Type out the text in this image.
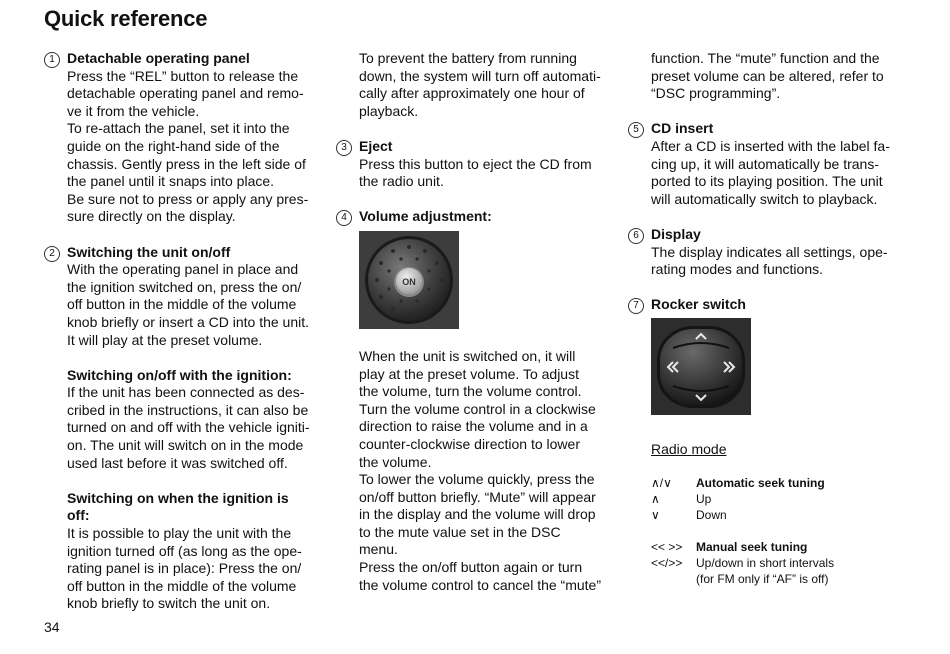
Quick reference
1 Detachable operating panel

Press the “REL” button to release the

detachable operating panel and remo-

ve it from the vehicle.

To re-attach the panel, set it into the

guide on the right-hand side of the

chassis. Gently press in the left side of

the panel until it snaps into place.

Be sure not to press or apply any pres-

sure directly on the display.

2 Switching the unit on/off

With the operating panel in place and

the ignition switched on, press the on/

off button in the middle of the volume

knob briefly or insert a CD into the unit.

It will play at the preset volume.

Switching on/off with the ignition:

If the unit has been connected as des-

cribed in the instructions, it can also be

turned on and off with the vehicle igniti-

on. The unit will switch on in the mode

used last before it was switched off.

Switching on when the ignition is
off:

It is possible to play the unit with the

ignition turned off (as long as the ope-

rating panel is in place): Press the on/

off button in the middle of the volume

knob briefly to switch the unit on.

To prevent the battery from running

down, the system will turn off automati-

cally after approximately one hour of

playback.

3 Eject

Press this button to eject the CD from

the radio unit.

4 Volume adjustment:
ON

When the unit is switched on, it will

play at the preset volume. To adjust

the volume, turn the volume control.

Turn the volume control in a clockwise

direction to raise the volume and in a

counter-clockwise direction to lower

the volume.

To lower the volume quickly, press the

on/off button briefly. “Mute” will appear

in the display and the volume will drop

to the mute value set in the DSC

menu.

Press the on/off button again or turn

the volume control to cancel the “mute”

function. The “mute” function and the

preset volume can be altered, refer to

“DSC programming”.

5 CD insert

After a CD is inserted with the label fa-

cing up, it will automatically be trans-

ported to its playing position. The unit

will automatically switch to playback.

6 Display

The display indicates all settings, ope-

rating modes and functions.

7 Rocker switch
Radio mode
∧/∨	Automatic seek tuning
∧	Up
∨	Down
<< >>	Manual seek tuning
<</>>	Up/down in short intervals
(for FM only if “AF” is off)

34
